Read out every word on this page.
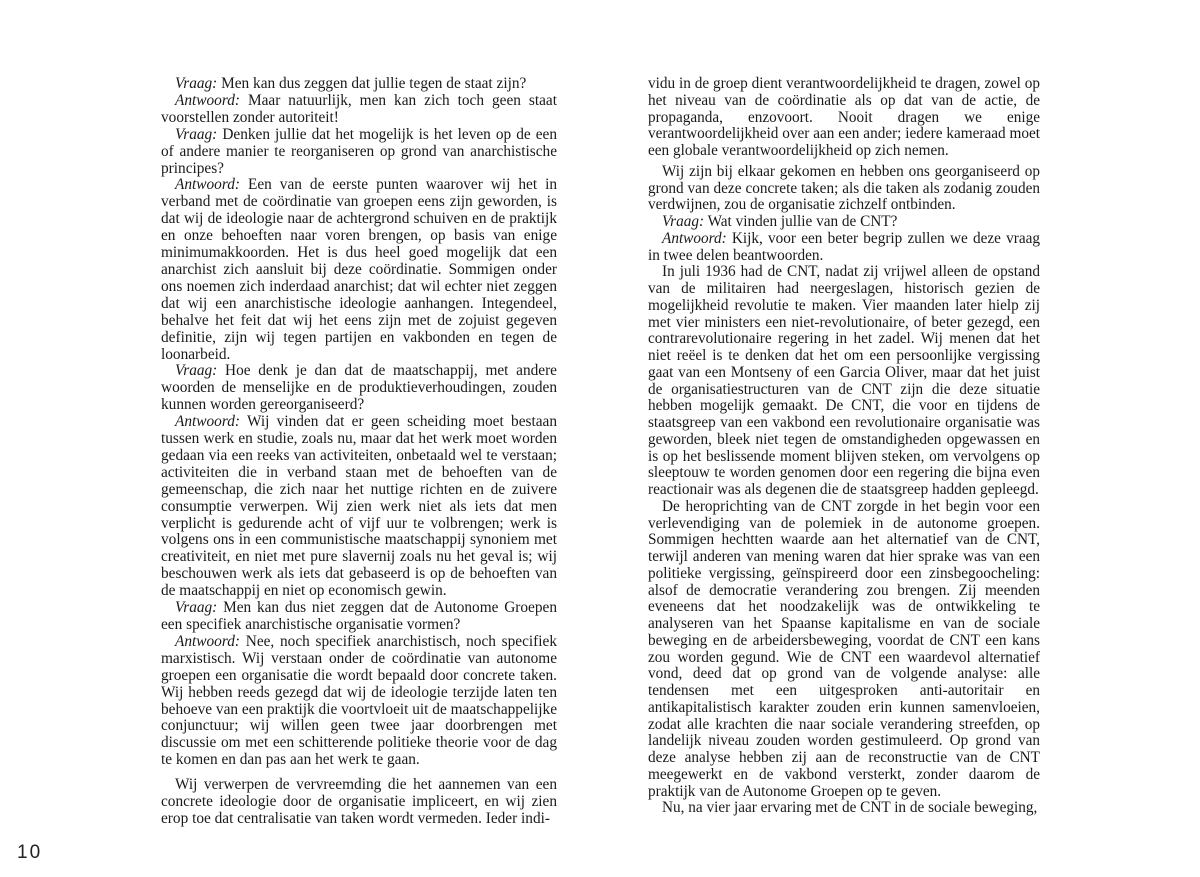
Vraag: Men kan dus zeggen dat jullie tegen de staat zijn?

Antwoord: Maar natuurlijk, men kan zich toch geen staat voorstellen zonder autoriteit!

Vraag: Denken jullie dat het mogelijk is het leven op de een of andere manier te reorganiseren op grond van anarchistische principes?

Antwoord: Een van de eerste punten waarover wij het in verband met de coördinatie van groepen eens zijn geworden, is dat wij de ideologie naar de achtergrond schuiven en de praktijk en onze behoeften naar voren brengen, op basis van enige minimumakkoorden. Het is dus heel goed mogelijk dat een anarchist zich aansluit bij deze coördinatie. Sommigen onder ons noemen zich inderdaad anarchist; dat wil echter niet zeggen dat wij een anarchistische ideologie aanhangen. Integendeel, behalve het feit dat wij het eens zijn met de zojuist gegeven definitie, zijn wij tegen partijen en vakbonden en tegen de loonarbeid.

Vraag: Hoe denk je dan dat de maatschappij, met andere woorden de menselijke en de produktieverhoudingen, zouden kunnen worden gereorganiseerd?

Antwoord: Wij vinden dat er geen scheiding moet bestaan tussen werk en studie, zoals nu, maar dat het werk moet worden gedaan via een reeks van activiteiten, onbetaald wel te verstaan; activiteiten die in verband staan met de behoeften van de gemeenschap, die zich naar het nuttige richten en de zuivere consumptie verwerpen. Wij zien werk niet als iets dat men verplicht is gedurende acht of vijf uur te volbrengen; werk is volgens ons in een communistische maatschappij synoniem met creativiteit, en niet met pure slavernij zoals nu het geval is; wij beschouwen werk als iets dat gebaseerd is op de behoeften van de maatschappij en niet op economisch gewin.

Vraag: Men kan dus niet zeggen dat de Autonome Groepen een specifiek anarchistische organisatie vormen?

Antwoord: Nee, noch specifiek anarchistisch, noch specifiek marxistisch. Wij verstaan onder de coördinatie van autonome groepen een organisatie die wordt bepaald door concrete taken. Wij hebben reeds gezegd dat wij de ideologie terzijde laten ten behoeve van een praktijk die voortvloeit uit de maatschappelijke conjunctuur; wij willen geen twee jaar doorbrengen met discussie om met een schitterende politieke theorie voor de dag te komen en dan pas aan het werk te gaan.

Wij verwerpen de vervreemding die het aannemen van een concrete ideologie door de organisatie impliceert, en wij zien erop toe dat centralisatie van taken wordt vermeden. Ieder indi-

vidu in de groep dient verantwoordelijkheid te dragen, zowel op het niveau van de coördinatie als op dat van de actie, de propaganda, enzovoort. Nooit dragen we enige verantwoordelijkheid over aan een ander; iedere kameraad moet een globale verantwoordelijkheid op zich nemen.

Wij zijn bij elkaar gekomen en hebben ons georganiseerd op grond van deze concrete taken; als die taken als zodanig zouden verdwijnen, zou de organisatie zichzelf ontbinden.

Vraag: Wat vinden jullie van de CNT?

Antwoord: Kijk, voor een beter begrip zullen we deze vraag in twee delen beantwoorden.

In juli 1936 had de CNT, nadat zij vrijwel alleen de opstand van de militairen had neergeslagen, historisch gezien de mogelijkheid revolutie te maken. Vier maanden later hielp zij met vier ministers een niet-revolutionaire, of beter gezegd, een contrarevolutionaire regering in het zadel. Wij menen dat het niet reëel is te denken dat het om een persoonlijke vergissing gaat van een Montseny of een Garcia Oliver, maar dat het juist de organisatiestructuren van de CNT zijn die deze situatie hebben mogelijk gemaakt. De CNT, die voor en tijdens de staatsgreep van een vakbond een revolutionaire organisatie was geworden, bleek niet tegen de omstandigheden opgewassen en is op het beslissende moment blijven steken, om vervolgens op sleeptouw te worden genomen door een regering die bijna even reactionair was als degenen die de staatsgreep hadden gepleegd.

De heroprichting van de CNT zorgde in het begin voor een verlevendiging van de polemiek in de autonome groepen. Sommigen hechtten waarde aan het alternatief van de CNT, terwijl anderen van mening waren dat hier sprake was van een politieke vergissing, geïnspireerd door een zinsbegoocheling: alsof de democratie verandering zou brengen. Zij meenden eveneens dat het noodzakelijk was de ontwikkeling te analyseren van het Spaanse kapitalisme en van de sociale beweging en de arbeidersbeweging, voordat de CNT een kans zou worden gegund. Wie de CNT een waardevol alternatief vond, deed dat op grond van de volgende analyse: alle tendensen met een uitgesproken anti-autoritair en antikapitalistisch karakter zouden erin kunnen samenvloeien, zodat alle krachten die naar sociale verandering streefden, op landelijk niveau zouden worden gestimuleerd. Op grond van deze analyse hebben zij aan de reconstructie van de CNT meegewerkt en de vakbond versterkt, zonder daarom de praktijk van de Autonome Groepen op te geven.

Nu, na vier jaar ervaring met de CNT in de sociale beweging,

10
